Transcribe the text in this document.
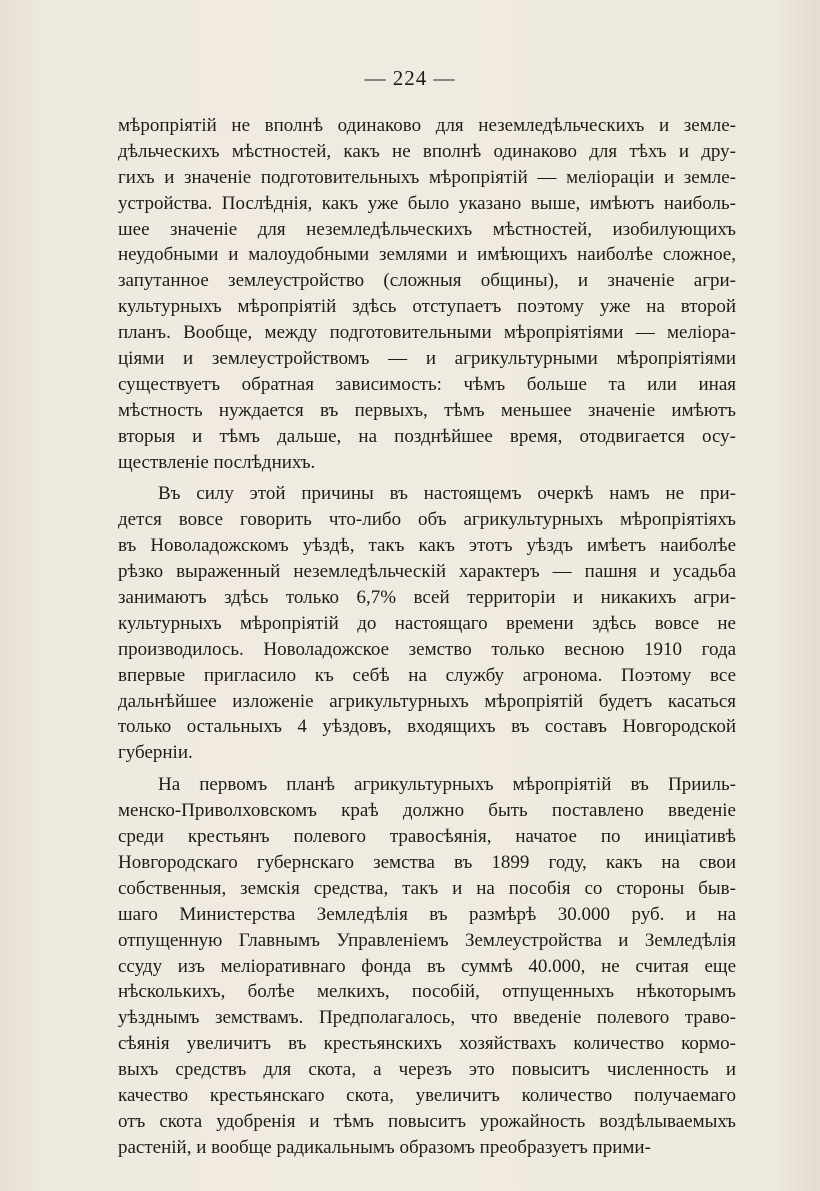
— 224 —
мѣропріятій не вполнѣ одинаково для неземледѣльческихъ и земле-
дѣльческихъ мѣстностей, какъ не вполнѣ одинаково для тѣхъ и дру-
гихъ и значеніе подготовительныхъ мѣропріятій — мелioраціи и земле-
устройства. Послѣднія, какъ уже было указано выше, имѣютъ наиболь-
шее значеніе для неземледѣльческихъ мѣстностей, изобилующихъ
неудобными и малоудобными землями и имѣющихъ наиболѣе сложное,
запутанное землеустройство (сложныя общины), и значеніе агри-
культурныхъ мѣропріятій здѣсь отступаетъ поэтому уже на второй
планъ. Вообще, между подготовительными мѣропріятіями — мелiора-
ціями и землеустройствомъ — и агрикультурными мѣропріятіями
существуетъ обратная зависимость: чѣмъ больше та или иная
мѣстность нуждается въ первыхъ, тѣмъ меньшее значеніе имѣютъ
вторыя и тѣмъ дальше, на позднѣйшее время, отодвигается осу-
ществленіе послѣднихъ.
Въ силу этой причины въ настоящемъ очеркѣ намъ не при-
дется вовсе говорить что-либо объ агрикультурныхъ мѣропріятіяхъ
въ Новоладожскомъ уѣздѣ, такъ какъ этотъ уѣздъ имѣетъ наиболѣе
рѣзко выраженный неземледѣльческій характеръ — пашня и усадьба
занимаютъ здѣсь только 6,7% всей территоріи и никакихъ агри-
культурныхъ мѣропріятій до настоящаго времени здѣсь вовсе не
производилось. Новоладожское земство только весною 1910 года
впервые пригласило къ себѣ на службу агронома. Поэтому все
дальнѣйшее изложеніе агрикультурныхъ мѣропріятій будетъ касаться
только остальныхъ 4 уѣздовъ, входящихъ въ составъ Новгородской
губерніи.
На первомъ планѣ агрикультурныхъ мѣропріятій въ Прииль-
менско-Приволховскомъ краѣ должно быть поставлено введеніе
среди крестьянъ полевого травосѣянія, начатое по иниціативѣ
Новгородскаго губернскаго земства въ 1899 году, какъ на свои
собственныя, земскія средства, такъ и на пособія со стороны быв-
шаго Министерства Земледѣлія въ размѣрѣ 30.000 руб. и на
отпущенную Главнымъ Управленіемъ Землеустройства и Земледѣлія
ссуду изъ меліоративнаго фонда въ суммѣ 40.000, не считая еще
нѣсколькихъ, болѣе мелкихъ, пособій, отпущенныхъ нѣкоторымъ
уѣзднымъ земствамъ. Предполагалось, что введеніе полевого траво-
сѣянія увеличитъ въ крестьянскихъ хозяйствахъ количество кормо-
выхъ средствъ для скота, а черезъ это повыситъ численность и
качество крестьянскаго скота, увеличитъ количество получаемаго
отъ скота удобренія и тѣмъ повыситъ урожайность воздѣлываемыхъ
растеній, и вообще радикальнымъ образомъ преобразуетъ прими-
